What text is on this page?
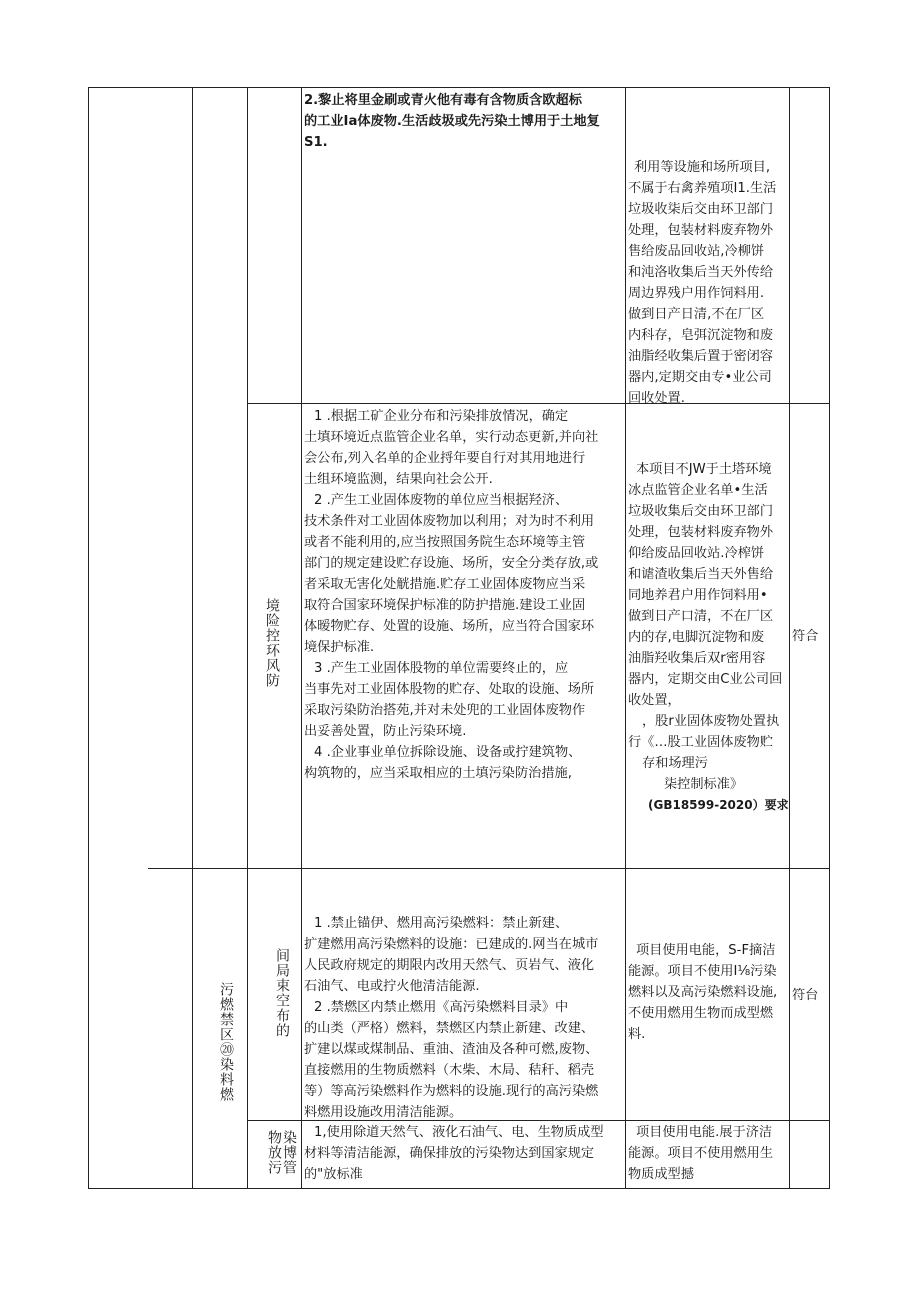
2.黎止将里金刷或青火他有毒有含物质含欧超标
的工业Ia体废物.生活歧圾或先污染土博用于土地复
S1.
利用等设施和场所项目,
不属于右禽养殖项I1.生活
垃圾收柒后交由环卫部门
处理，包装材料废弃物外
售给废品回收站,冷柳饼
和沌洛收集后当天外传给
周边界残户用作饲料用.
做到日产日清,不在厂区
内科存，皂弭沉淀物和废
油脂经收集后置于密闭容
器内,定期交由专•业公司
回收处置.
境险控环风防
1 .根据工矿企业分布和污染排放情况，确定
土填环境近点监管企业名单，实行动态更新,并向社
会公布,列入名单的企业捋年要自行对其用地进行
土组环境监测，结果向社会公开.
2 .产生工业固体废物的单位应当根据羟济、
技术条件对工业固体废物加以利用；对为时不利用
或者不能利用的,应当按照国务院生态环境等主管
部门的规定建设贮存设施、场所，安全分类存放,或
者采取无害化处觥措施.贮存工业固体废物应当采
取符合国家环境保护标准的防护措施.建设工业固
体暧物贮存、处置的设施、场所，应当符合国家环
境保护标准.
3 .产生工业固体股物的单位需要终止的，应
当事先对工业固体股物的贮存、处取的设施、场所
采取污染防治搭苑,并对未处兜的工业固体废物作
出妥善处置，防止污染环境.
4 .企业事业单位拆除设施、设备或拧建筑物、
构筑物的，应当采取相应的土填污染防治措施,
本项目不JW于土塔环境
冰点监管企业名单•生活
垃圾收集后交由环卫部门
处理，包装材料废弃物外
仰给废品回收站.冷榨饼
和谑渣收集后当天外售给
同地养君户用作饲料用•
做到日产口清，不在厂区
内的存,电脚沉淀物和废
油脂羟收集后双r密用容
器内，定期交由C业公司回
收处置，
，股r业固体废物处置执
行《…股工业固体废物贮
存和场理污
柒控制标准》
(GB18599-2020）要求
符合
污燃禁区⑳染料燃	间局束空布的
1 .禁止锚伊、燃用高污染燃料：禁止新建、
扩建燃用高污染燃料的设施：已建成的.网当在城市
人民政府规定的期限内改用天然气、页岩气、液化
石油气、电或拧火他清洁能源.
2 .禁燃区内禁止燃用《高污染燃料目录》中
的山类（严格）燃料，禁燃区内禁止新建、改建、
扩建以煤或煤制品、重油、渣油及各种可燃,废物、
直接燃用的生物质燃料（木柴、木局、秸秆、稻壳
等）等高污染燃料作为燃料的设施.现行的高污染燃
料燃用设施改用清洁能源。
项目使用电能，S-F摘洁
能源。项目不使用I⅛污染
燃料以及高污染燃料设施,
不使用燃用生物而成型燃
料.
符台
染博管物放污	1,使用除道天然气、液化石油气、电、生物质成型
材料等清洁能源，确保排放的污染物达到国家规定
的"放标准
项目使用电能.展于济洁
能源。项目不使用燃用生
物质成型撼
